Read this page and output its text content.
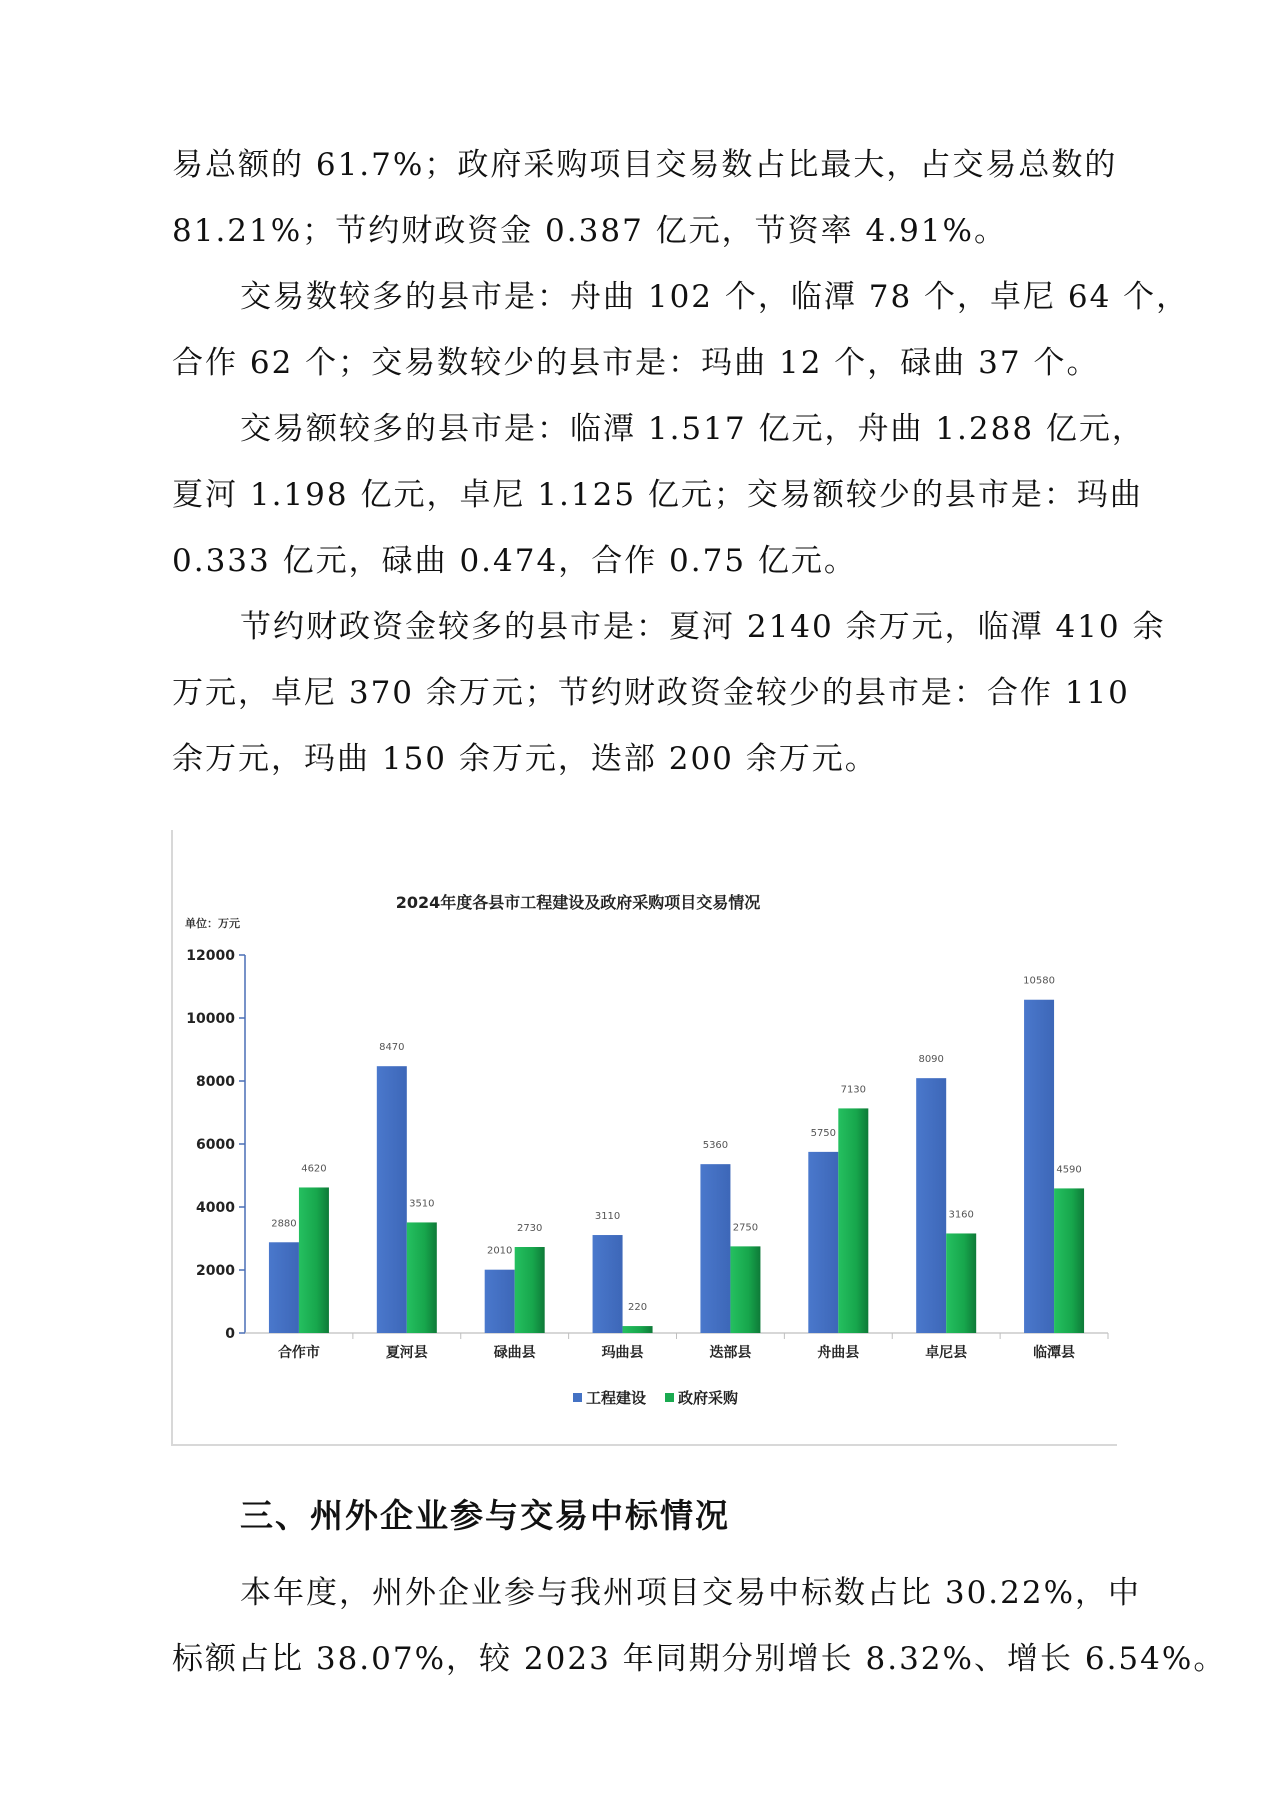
易总额的 61.7%；政府采购项目交易数占比最大，占交易总数的
81.21%；节约财政资金 0.387 亿元，节资率 4.91%。
交易数较多的县市是：舟曲 102 个，临潭 78 个，卓尼 64 个，
合作 62 个；交易数较少的县市是：玛曲 12 个，碌曲 37 个。
交易额较多的县市是：临潭 1.517 亿元，舟曲 1.288 亿元，
夏河 1.198 亿元，卓尼 1.125 亿元；交易额较少的县市是：玛曲
0.333 亿元，碌曲 0.474，合作 0.75 亿元。
节约财政资金较多的县市是：夏河 2140 余万元，临潭 410 余
万元，卓尼 370 余万元；节约财政资金较少的县市是：合作 110
余万元，玛曲 150 余万元，迭部 200 余万元。
2024年度各县市工程建设及政府采购项目交易情况
单位：万元
0
2000
4000
6000
8000
10000
12000
合作市	夏河县	碌曲县	玛曲县	迭部县	舟曲县	卓尼县	临潭县
2880
8470
2010
3110
5360
5750
8090
10580
4620
3510
2730
220
2750
7130
3160
4590
工程建设 政府采购
三、州外企业参与交易中标情况
本年度，州外企业参与我州项目交易中标数占比 30.22%，中
标额占比 38.07%，较 2023 年同期分别增长 8.32%、增长 6.54%。
